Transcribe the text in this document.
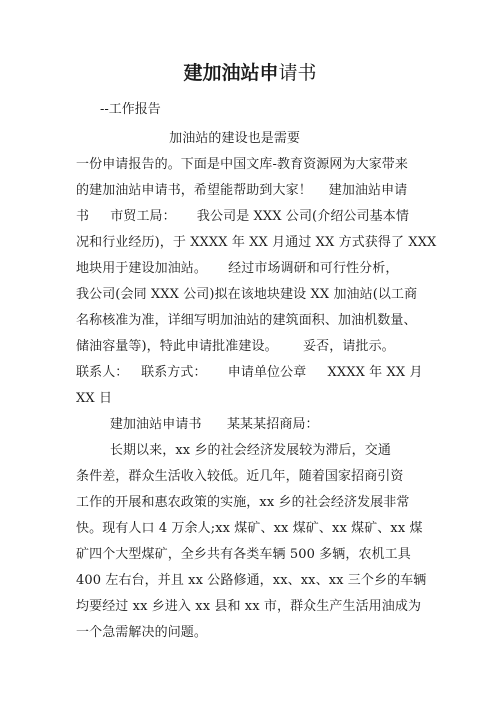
建加油站申请书
--工作报告
加油站的建设也是需要
一份申请报告的。下面是中国文库-教育资源网为大家带来
的建加油站申请书，希望能帮助到大家！    建加油站申请
书     市贸工局：     我公司是 XXX 公司(介绍公司基本情
况和行业经历)，于 XXXX 年 XX 月通过 XX 方式获得了 XXX
地块用于建设加油站。     经过市场调研和可行性分析，
我公司(会同 XXX 公司)拟在该地块建设 XX 加油站(以工商
名称核准为准，详细写明加油站的建筑面积、加油机数量、
储油容量等)，特此申请批准建设。      妥否，请批示。
联系人：   联系方式：     申请单位公章     XXXX 年 XX 月
XX 日
建加油站申请书      某某某招商局：
长期以来，xx 乡的社会经济发展较为滞后，交通
条件差，群众生活收入较低。近几年，随着国家招商引资
工作的开展和惠农政策的实施，xx 乡的社会经济发展非常
快。现有人口 4 万余人;xx 煤矿、xx 煤矿、xx 煤矿、xx 煤
矿四个大型煤矿，全乡共有各类车辆 500 多辆，农机工具
400 左右台，并且 xx 公路修通，xx、xx、xx 三个乡的车辆
均要经过 xx 乡进入 xx 县和 xx 市，群众生产生活用油成为
一个急需解决的问题。
